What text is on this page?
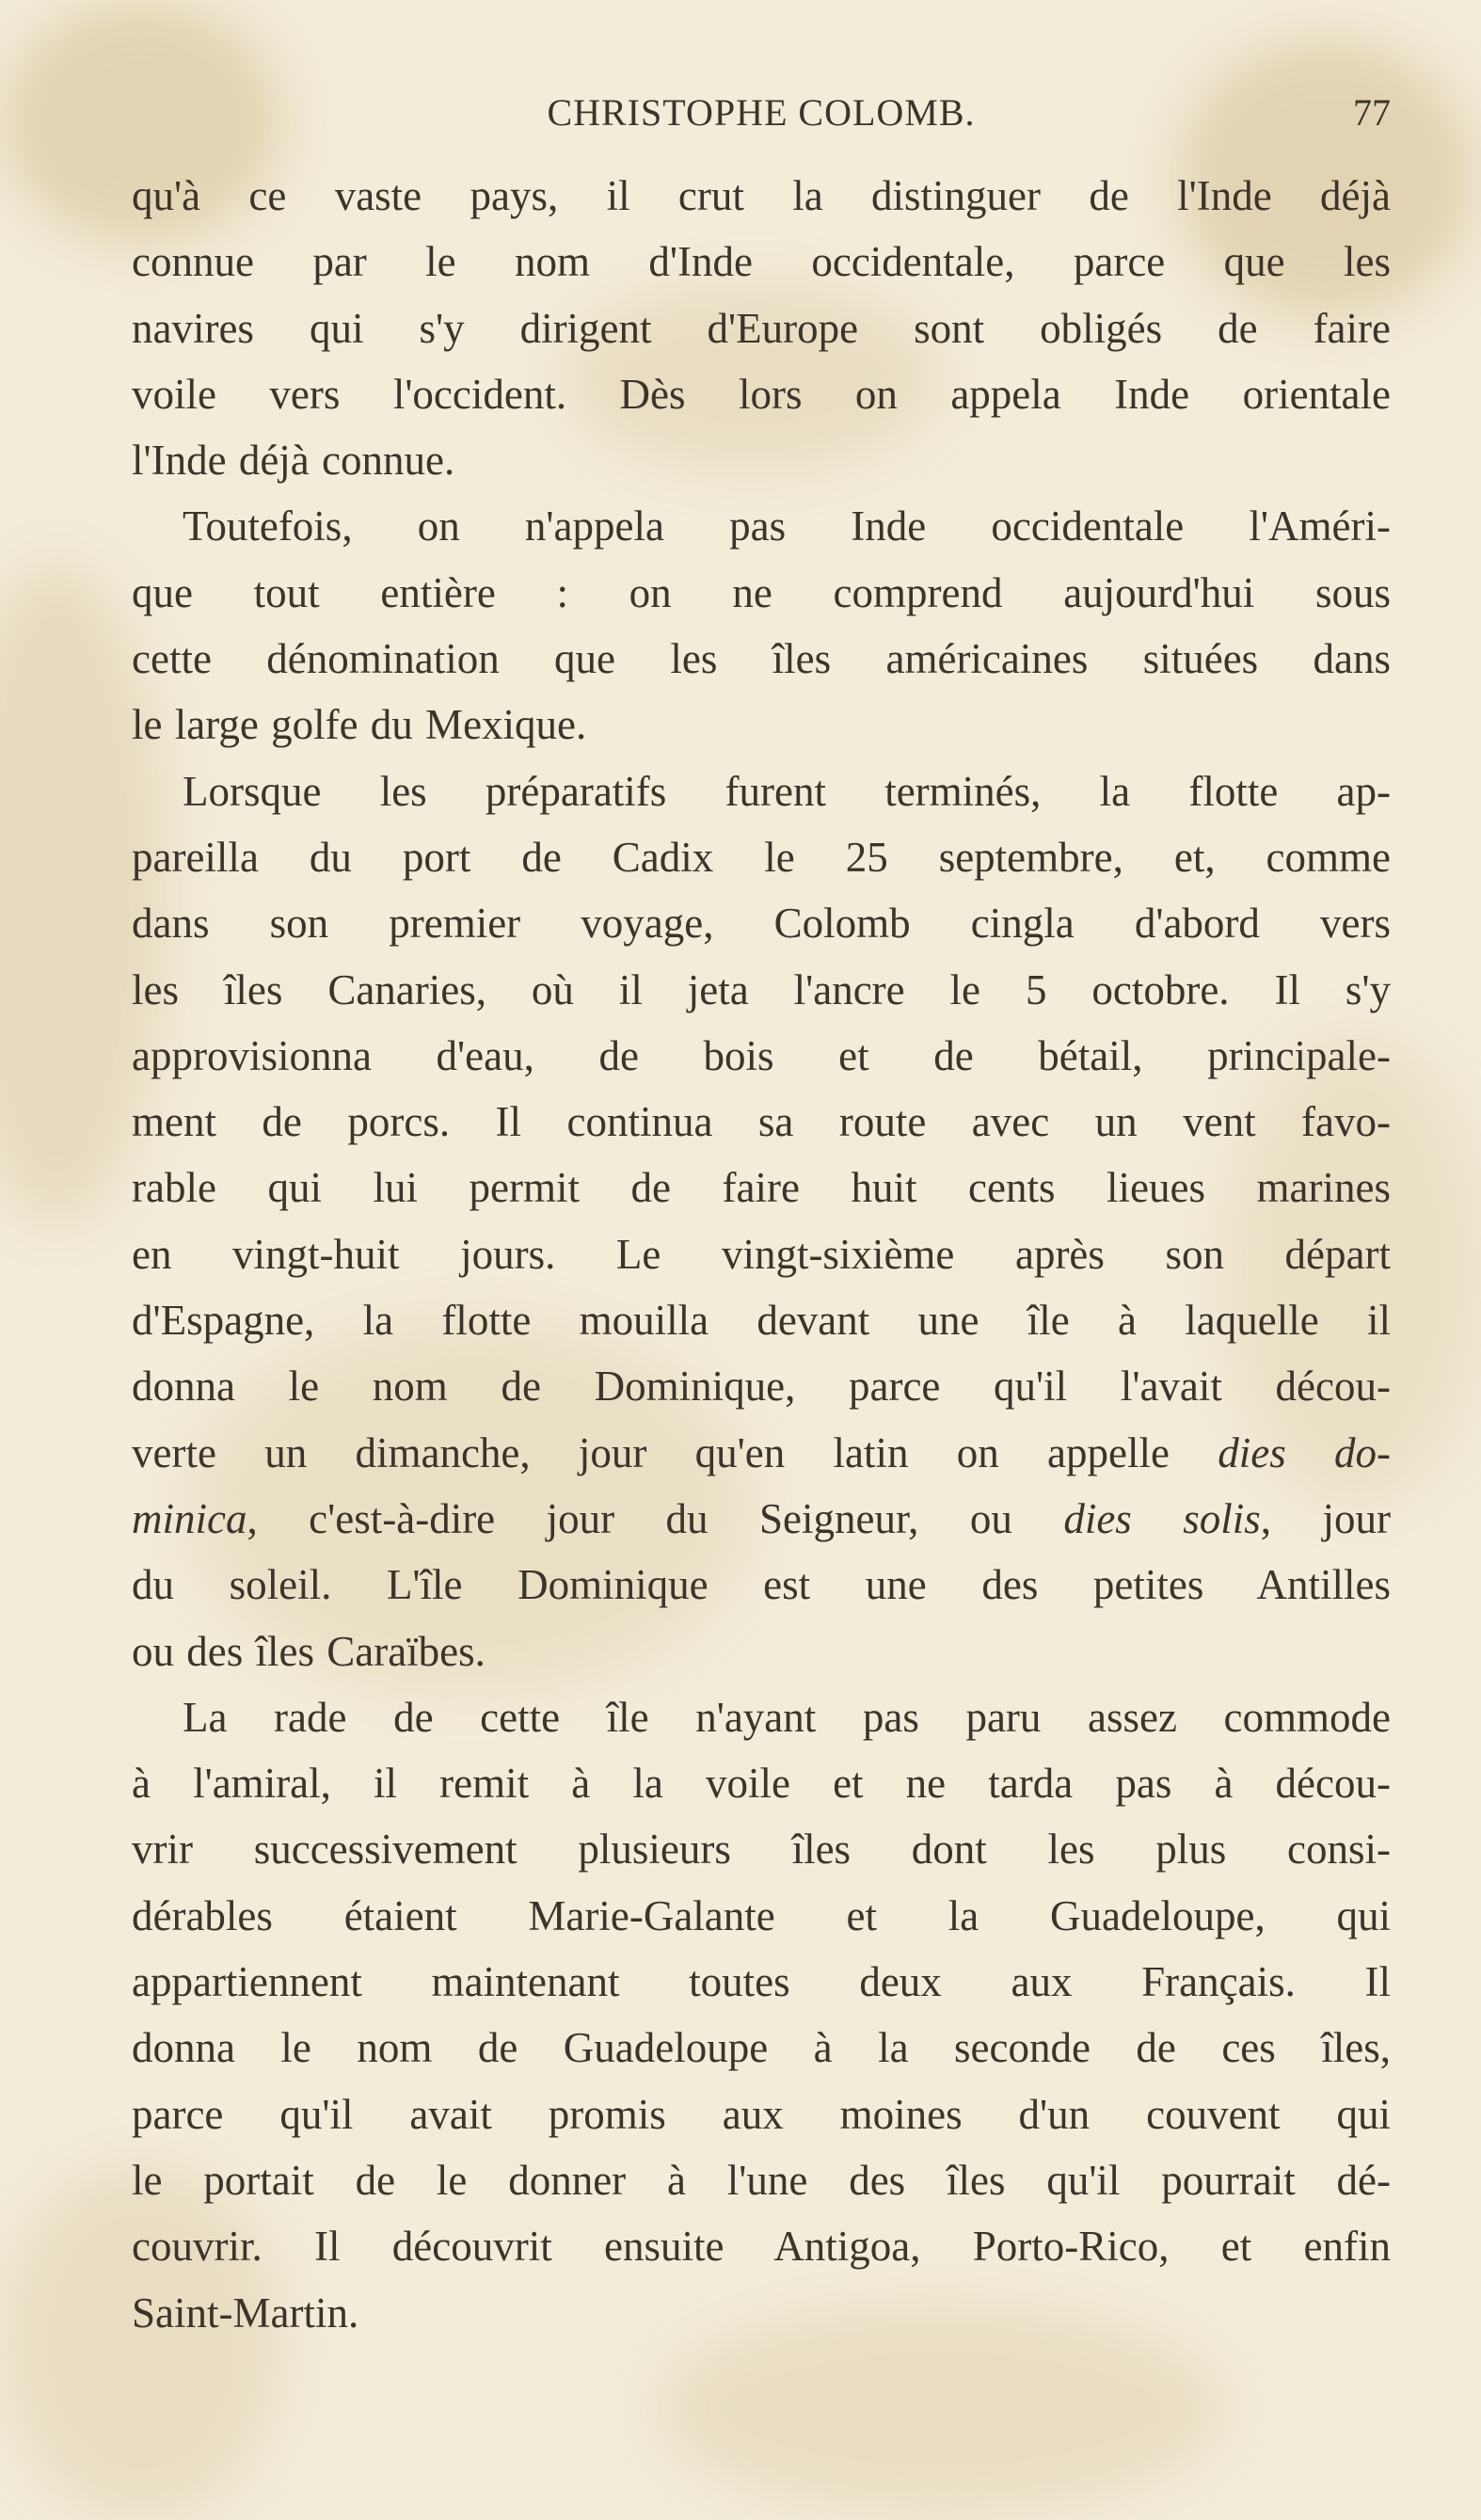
CHRISTOPHE COLOMB.	77
qu'à ce vaste pays, il crut la distinguer de l'Inde déjà
connue par le nom d'Inde occidentale, parce que les
navires qui s'y dirigent d'Europe sont obligés de faire
voile vers l'occident. Dès lors on appela Inde orientale
l'Inde déjà connue.
Toutefois, on n'appela pas Inde occidentale l'Améri-
que tout entière : on ne comprend aujourd'hui sous
cette dénomination que les îles américaines situées dans
le large golfe du Mexique.
Lorsque les préparatifs furent terminés, la flotte ap-
pareilla du port de Cadix le 25 septembre, et, comme
dans son premier voyage, Colomb cingla d'abord vers
les îles Canaries, où il jeta l'ancre le 5 octobre. Il s'y
approvisionna d'eau, de bois et de bétail, principale-
ment de porcs. Il continua sa route avec un vent favo-
rable qui lui permit de faire huit cents lieues marines
en vingt-huit jours. Le vingt-sixième après son départ
d'Espagne, la flotte mouilla devant une île à laquelle il
donna le nom de Dominique, parce qu'il l'avait décou-
verte un dimanche, jour qu'en latin on appelle dies do-
minica, c'est-à-dire jour du Seigneur, ou dies solis, jour
du soleil. L'île Dominique est une des petites Antilles
ou des îles Caraïbes.
La rade de cette île n'ayant pas paru assez commode
à l'amiral, il remit à la voile et ne tarda pas à décou-
vrir successivement plusieurs îles dont les plus consi-
dérables étaient Marie-Galante et la Guadeloupe, qui
appartiennent maintenant toutes deux aux Français. Il
donna le nom de Guadeloupe à la seconde de ces îles,
parce qu'il avait promis aux moines d'un couvent qui
le portait de le donner à l'une des îles qu'il pourrait dé-
couvrir. Il découvrit ensuite Antigoa, Porto-Rico, et enfin
Saint-Martin.
